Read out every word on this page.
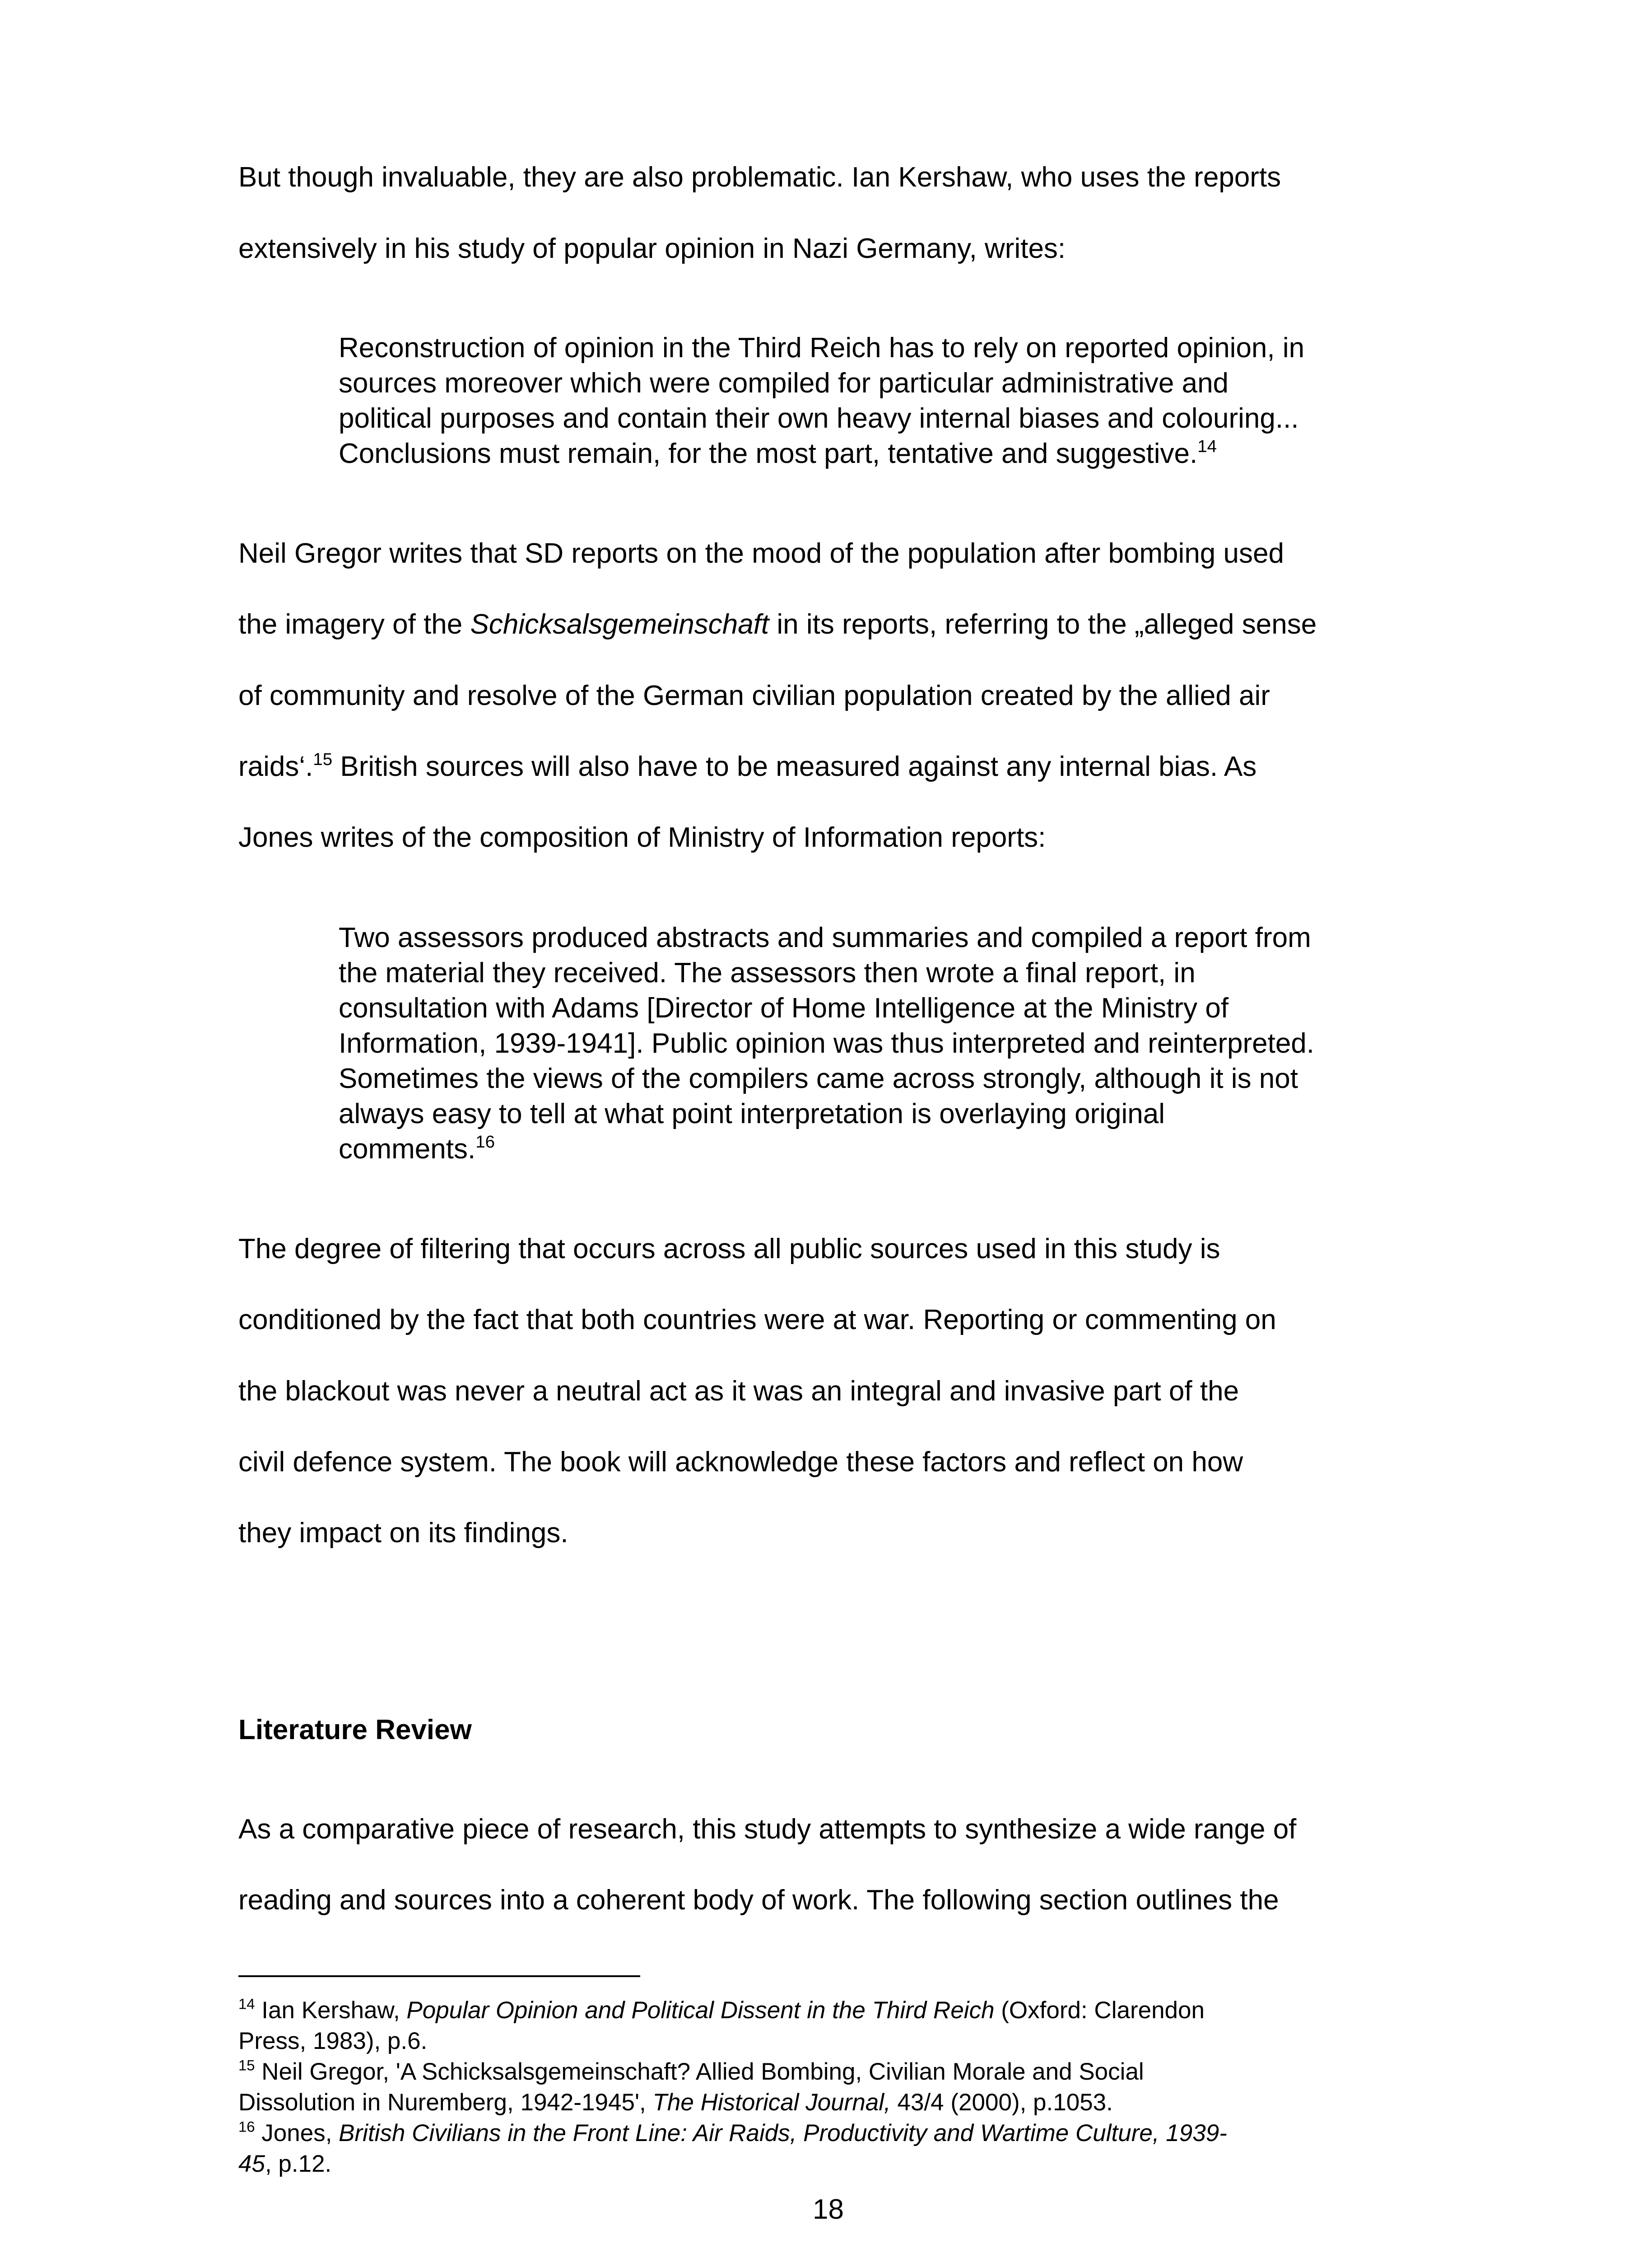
But though invaluable, they are also problematic. Ian Kershaw, who uses the reports
extensively in his study of popular opinion in Nazi Germany, writes:
Reconstruction of opinion in the Third Reich has to rely on reported opinion, in
sources moreover which were compiled for particular administrative and
political purposes and contain their own heavy internal biases and colouring...
Conclusions must remain, for the most part, tentative and suggestive.$^{14}$
Neil Gregor writes that SD reports on the mood of the population after bombing used
the imagery of the Schicksalsgemeinschaft in its reports, referring to the „alleged sense
of community and resolve of the German civilian population created by the allied air
raids‘.$^{15}$ British sources will also have to be measured against any internal bias. As
Jones writes of the composition of Ministry of Information reports:
Two assessors produced abstracts and summaries and compiled a report from
the material they received. The assessors then wrote a final report, in
consultation with Adams [Director of Home Intelligence at the Ministry of
Information, 1939-1941]. Public opinion was thus interpreted and reinterpreted.
Sometimes the views of the compilers came across strongly, although it is not
always easy to tell at what point interpretation is overlaying original
comments.$^{16}$
The degree of filtering that occurs across all public sources used in this study is
conditioned by the fact that both countries were at war. Reporting or commenting on
the blackout was never a neutral act as it was an integral and invasive part of the
civil defence system. The book will acknowledge these factors and reflect on how
they impact on its findings.
Literature Review
As a comparative piece of research, this study attempts to synthesize a wide range of
reading and sources into a coherent body of work. The following section outlines the
$^{14}$ Ian Kershaw, Popular Opinion and Political Dissent in the Third Reich (Oxford: Clarendon
Press, 1983), p.6.
$^{15}$ Neil Gregor, 'A Schicksalsgemeinschaft? Allied Bombing, Civilian Morale and Social
Dissolution in Nuremberg, 1942-1945', The Historical Journal, 43/4 (2000), p.1053.
$^{16}$ Jones, British Civilians in the Front Line: Air Raids, Productivity and Wartime Culture, 1939-
45, p.12.
18
